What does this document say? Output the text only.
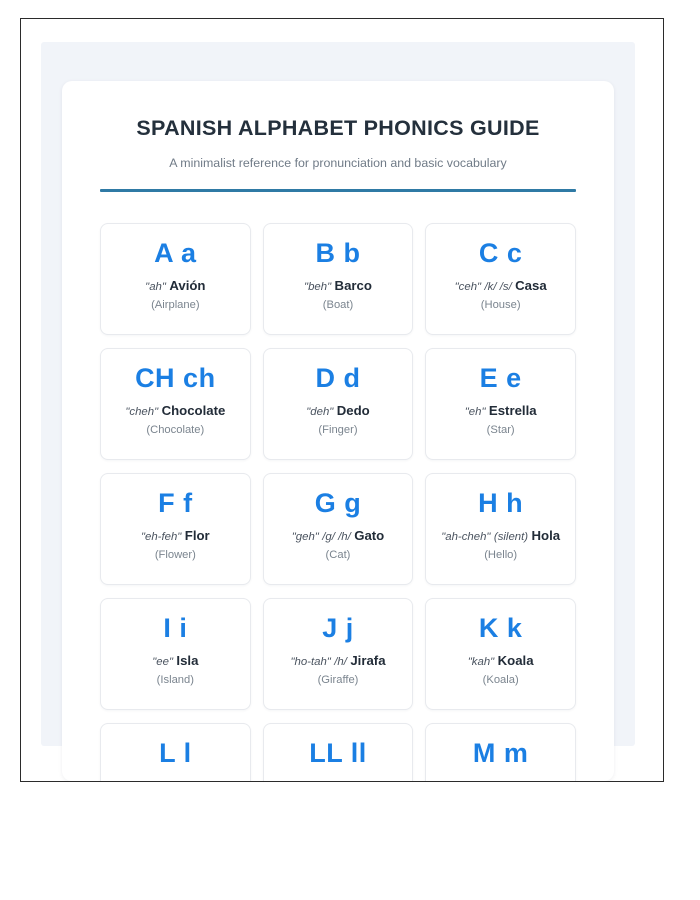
SPANISH ALPHABET PHONICS GUIDE

A minimalist reference for pronunciation and basic vocabulary

A a

"ah" Avión

(Airplane)

B b

"beh" Barco

(Boat)

C c

"ceh" /k/ /s/ Casa

(House)

CH ch

"cheh" Chocolate

(Chocolate)

D d

"deh" Dedo

(Finger)

E e

"eh" Estrella

(Star)

F f

"eh-feh" Flor

(Flower)

G g

"geh" /g/ /h/ Gato

(Cat)

H h

"ah-cheh" (silent) Hola

(Hello)

I i

"ee" Isla

(Island)

J j

"ho-tah" /h/ Jirafa

(Giraffe)

K k

"kah" Koala

(Koala)

L l	LL ll	M m
